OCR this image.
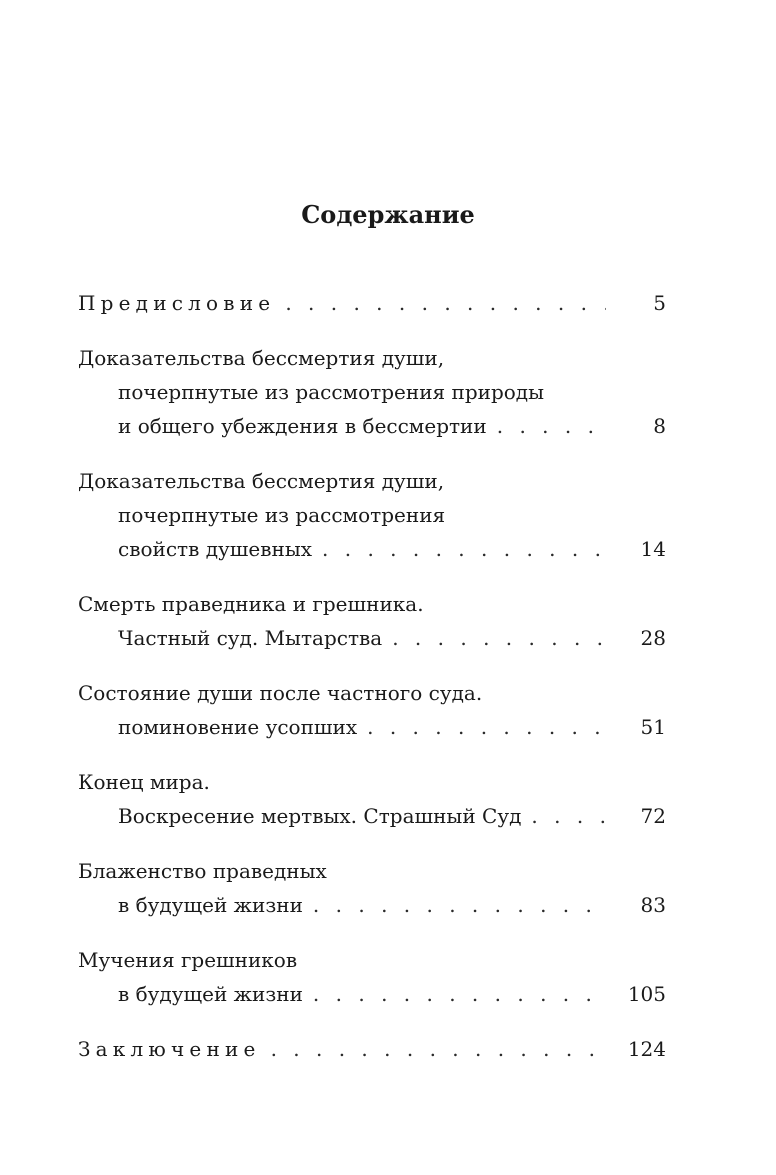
Содержание
Предисловие . . .	5
Доказательства бессмертия души,
почерпнутые из рассмотрения природы
и общего убеждения в бессмертии . . .	8
Доказательства бессмертия души,
почерпнутые из рассмотрения
свойств душевных . . .	14
Смерть праведника и грешника.
Частный суд. Мытарства . . .	28
Состояние души после частного суда.
поминовение усопших . . .	51
Конец мира.
Воскресение мертвых. Страшный Суд . . .	72
Блаженство праведных
в будущей жизни . . .	83
Мучения грешников
в будущей жизни . . .	105
Заключение . . .	124
